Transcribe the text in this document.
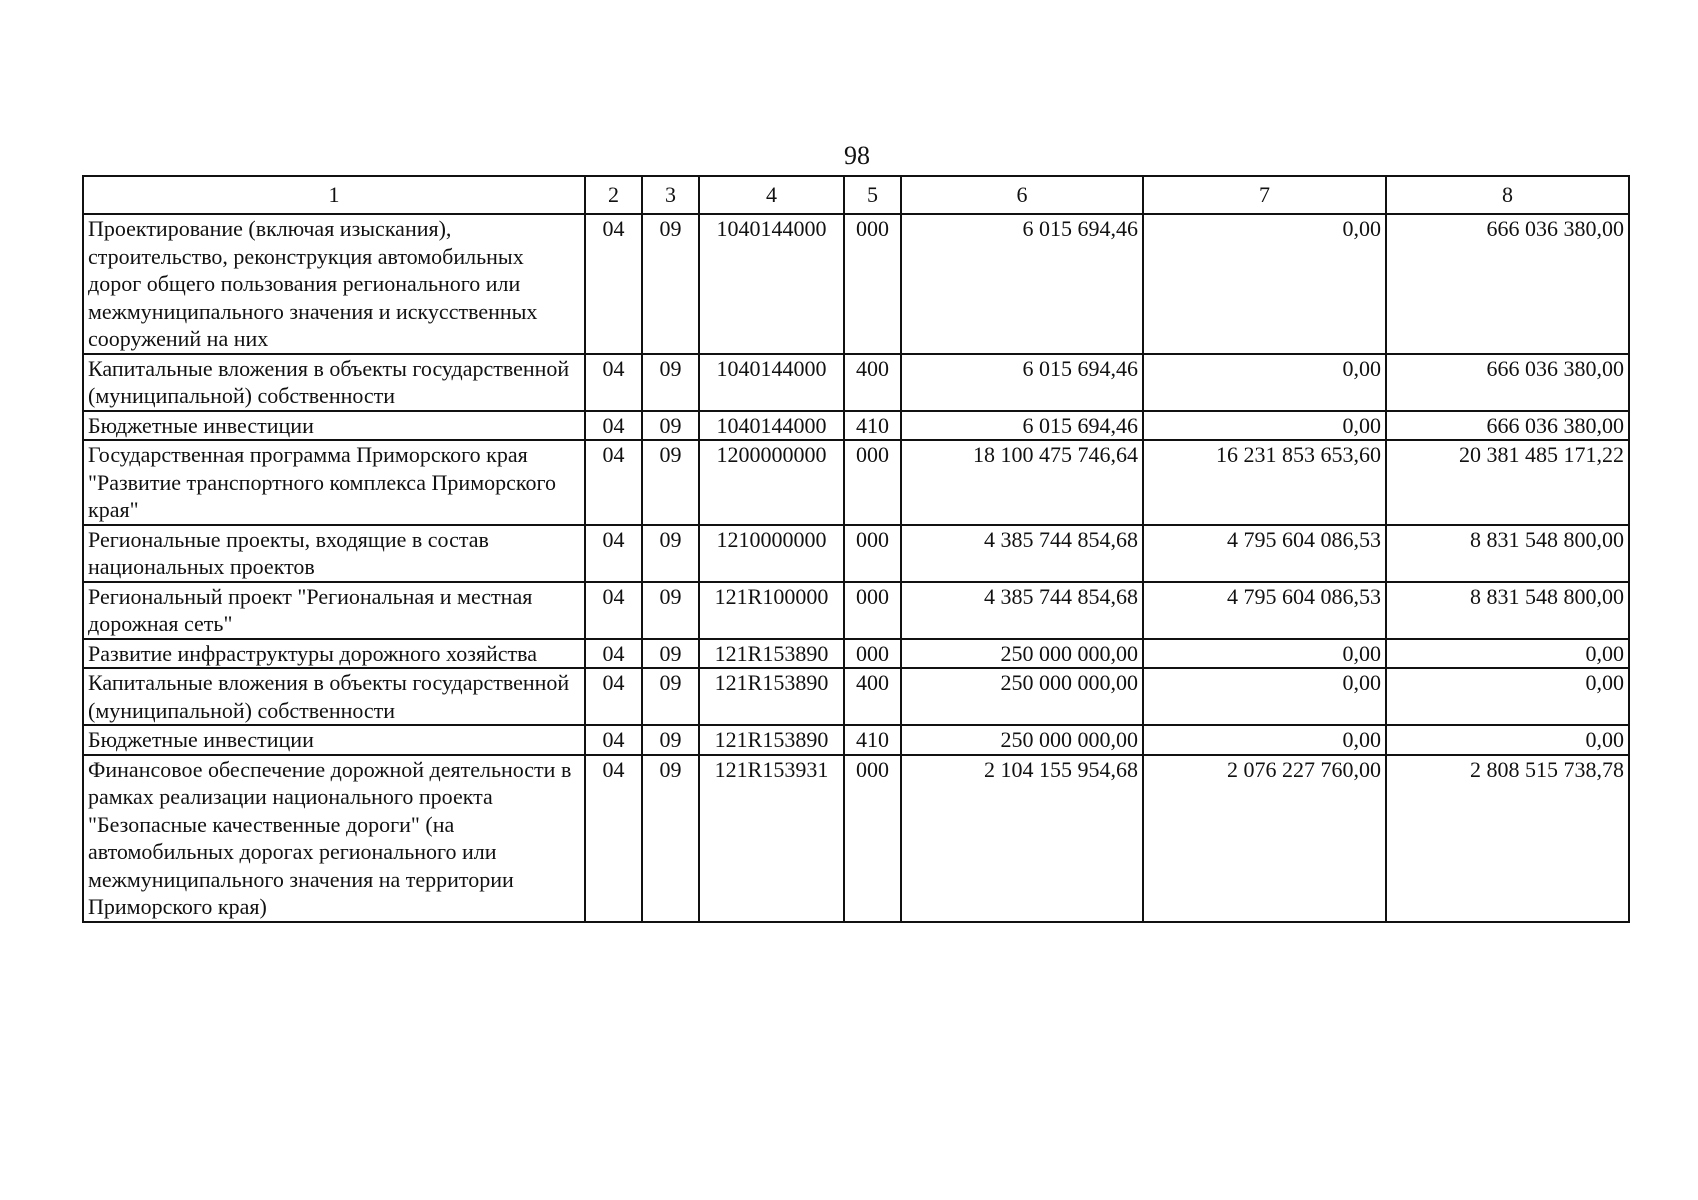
98
1	2	3	4	5	6	7	8
Проектирование (включая изыскания), строительство, реконструкция автомобильных дорог общего пользования регионального или межмуниципального значения и искусственных сооружений на них	04	09	1040144000	000	6 015 694,46	0,00	666 036 380,00
Капитальные вложения в объекты государственной (муниципальной) собственности	04	09	1040144000	400	6 015 694,46	0,00	666 036 380,00
Бюджетные инвестиции	04	09	1040144000	410	6 015 694,46	0,00	666 036 380,00
Государственная программа Приморского края "Развитие транспортного комплекса Приморского края"	04	09	1200000000	000	18 100 475 746,64	16 231 853 653,60	20 381 485 171,22
Региональные проекты, входящие в состав национальных проектов	04	09	1210000000	000	4 385 744 854,68	4 795 604 086,53	8 831 548 800,00
Региональный проект "Региональная и местная дорожная сеть"	04	09	121R100000	000	4 385 744 854,68	4 795 604 086,53	8 831 548 800,00
Развитие инфраструктуры дорожного хозяйства	04	09	121R153890	000	250 000 000,00	0,00	0,00
Капитальные вложения в объекты государственной (муниципальной) собственности	04	09	121R153890	400	250 000 000,00	0,00	0,00
Бюджетные инвестиции	04	09	121R153890	410	250 000 000,00	0,00	0,00
Финансовое обеспечение дорожной деятельности в рамках реализации национального проекта "Безопасные качественные дороги" (на автомобильных дорогах регионального или межмуниципального значения на территории Приморского края)	04	09	121R153931	000	2 104 155 954,68	2 076 227 760,00	2 808 515 738,78
